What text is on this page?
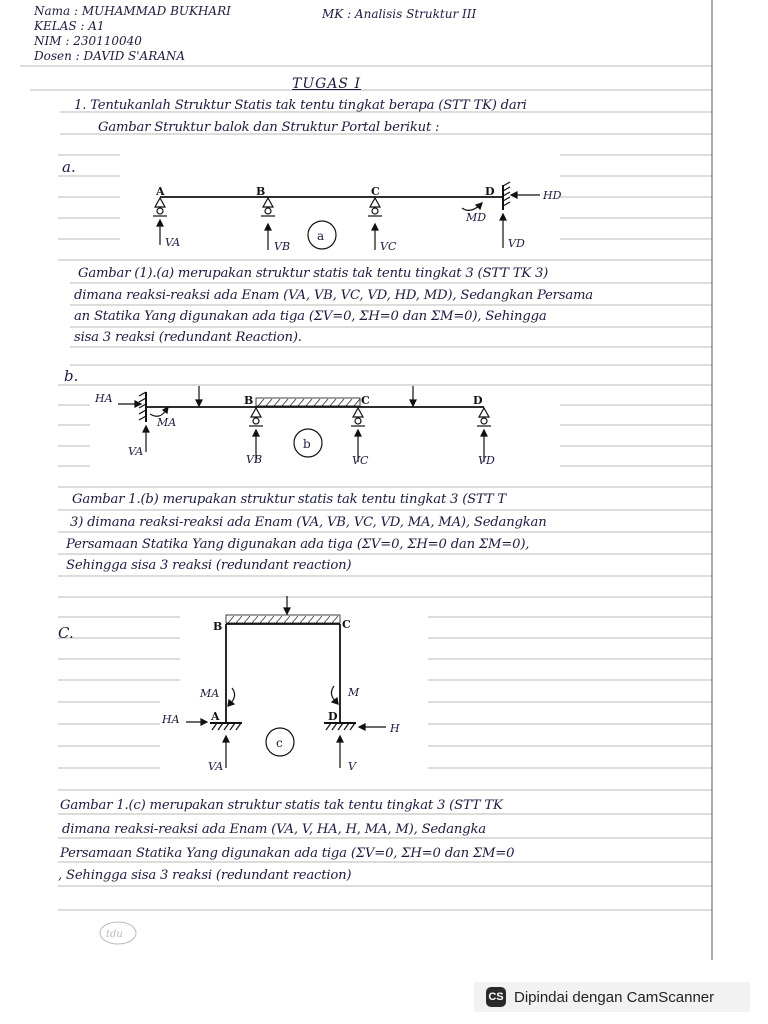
Nama : MUHAMMAD BUKHARI	MK : Analisis Struktur III
KELAS : A1
NIM : 230110040
Dosen : DAVID S'ARANA
TUGAS I
1. Tentukanlah Struktur Statis tak tentu tingkat berapa (STT TK) dari
Gambar Struktur balok dan Struktur Portal berikut :
a.
A	B	C	D
VA	VB	VC	VD
HD
MD
a
Gambar (1).(a) merupakan struktur statis tak tentu tingkat 3 (STT TK 3)
dimana reaksi-reaksi ada Enam (VA, VB, VC, VD, HD, MD), Sedangkan Persama
an Statika Yang digunakan ada tiga (ΣV=0, ΣH=0 dan ΣM=0), Sehingga
sisa 3 reaksi (redundant Reaction).
b.
B	C	D
HA
MA
VA
VB	VC	VD
b
Gambar 1.(b) merupakan struktur statis tak tentu tingkat 3 (STT T
3) dimana reaksi-reaksi ada Enam (VA, VB, VC, VD, MA, MA), Sedangkan
Persamaan Statika Yang digunakan ada tiga (ΣV=0, ΣH=0 dan ΣM=0),
Sehingga sisa 3 reaksi (redundant reaction)
C.	B	C
A	D
MA	M
HA
H
VA	V
c
Gambar 1.(c) merupakan struktur statis tak tentu tingkat 3 (STT TK
dimana reaksi-reaksi ada Enam (VA, V, HA, H, MA, M), Sedangka
Persamaan Statika Yang digunakan ada tiga (ΣV=0, ΣH=0 dan ΣM=0
, Sehingga sisa 3 reaksi (redundant reaction)
tdu
CS Dipindai dengan CamScanner
